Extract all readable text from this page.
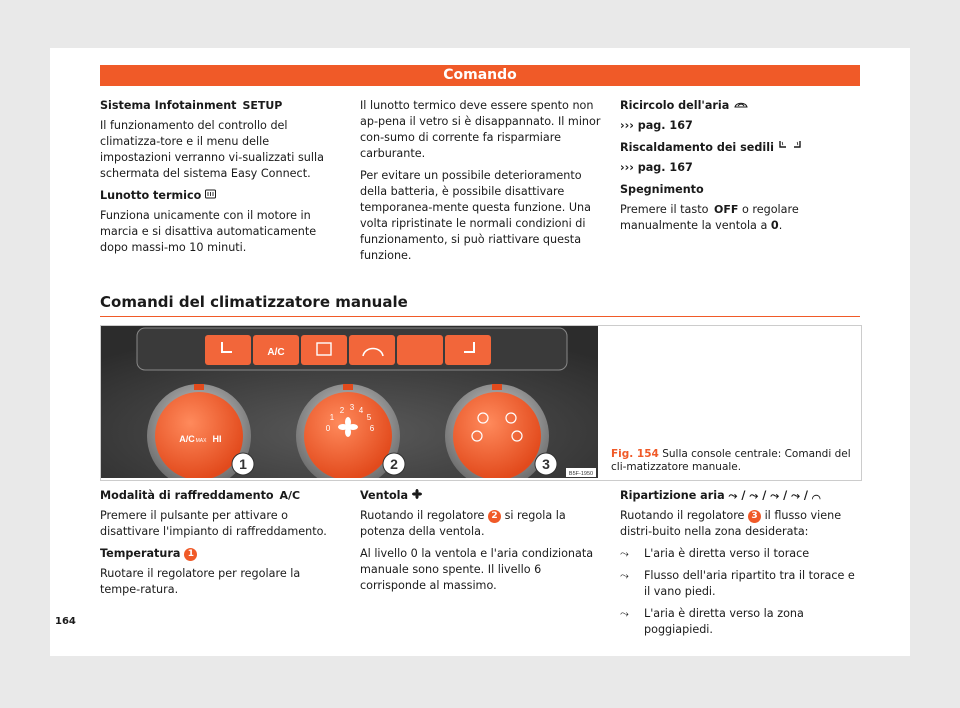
Comando
Sistema Infotainment SETUP

Il funzionamento del controllo del climatizza-tore e il menu delle impostazioni verranno vi-sualizzati sulla schermata del sistema Easy Connect.

Lunotto termico

Funziona unicamente con il motore in marcia e si disattiva automaticamente dopo massi-mo 10 minuti.

Il lunotto termico deve essere spento non ap-pena il vetro si è disappannato. Il minor con-sumo di corrente fa risparmiare carburante.

Per evitare un possibile deterioramento della batteria, è possibile disattivare temporanea-mente questa funzione. Una volta ripristinate le normali condizioni di funzionamento, si può riattivare questa funzione.

Ricircolo dell'aria

››› pag. 167

Riscaldamento dei sedili

››› pag. 167

Spegnimento

Premere il tasto OFF o regolare manualmente la ventola a 0.

Comandi del climatizzatore manuale
A/C
A/C MAX HI
0
1
2 3 4
5
6
1	2	3
B5F-1950
Fig. 154 Sulla console centrale: Comandi del cli-matizzatore manuale.
Modalità di raffreddamento A/C

Premere il pulsante per attivare o disattivare l'impianto di raffreddamento.

Temperatura 1

Ruotare il regolatore per regolare la tempe-ratura.

Ventola

Ruotando il regolatore 2 si regola la potenza della ventola.

Al livello 0 la ventola e l'aria condizionata manuale sono spente. Il livello 6 corrisponde al massimo.

Ripartizione aria ⤳ / ⤳ / ⤳ / ⤳ / ⌒

Ruotando il regolatore 3 il flusso viene distri-buito nella zona desiderata:

⤳	L'aria è diretta verso il torace
⤳	Flusso dell'aria ripartito tra il torace e il vano piedi.
⤳	L'aria è diretta verso la zona poggiapiedi.
164
